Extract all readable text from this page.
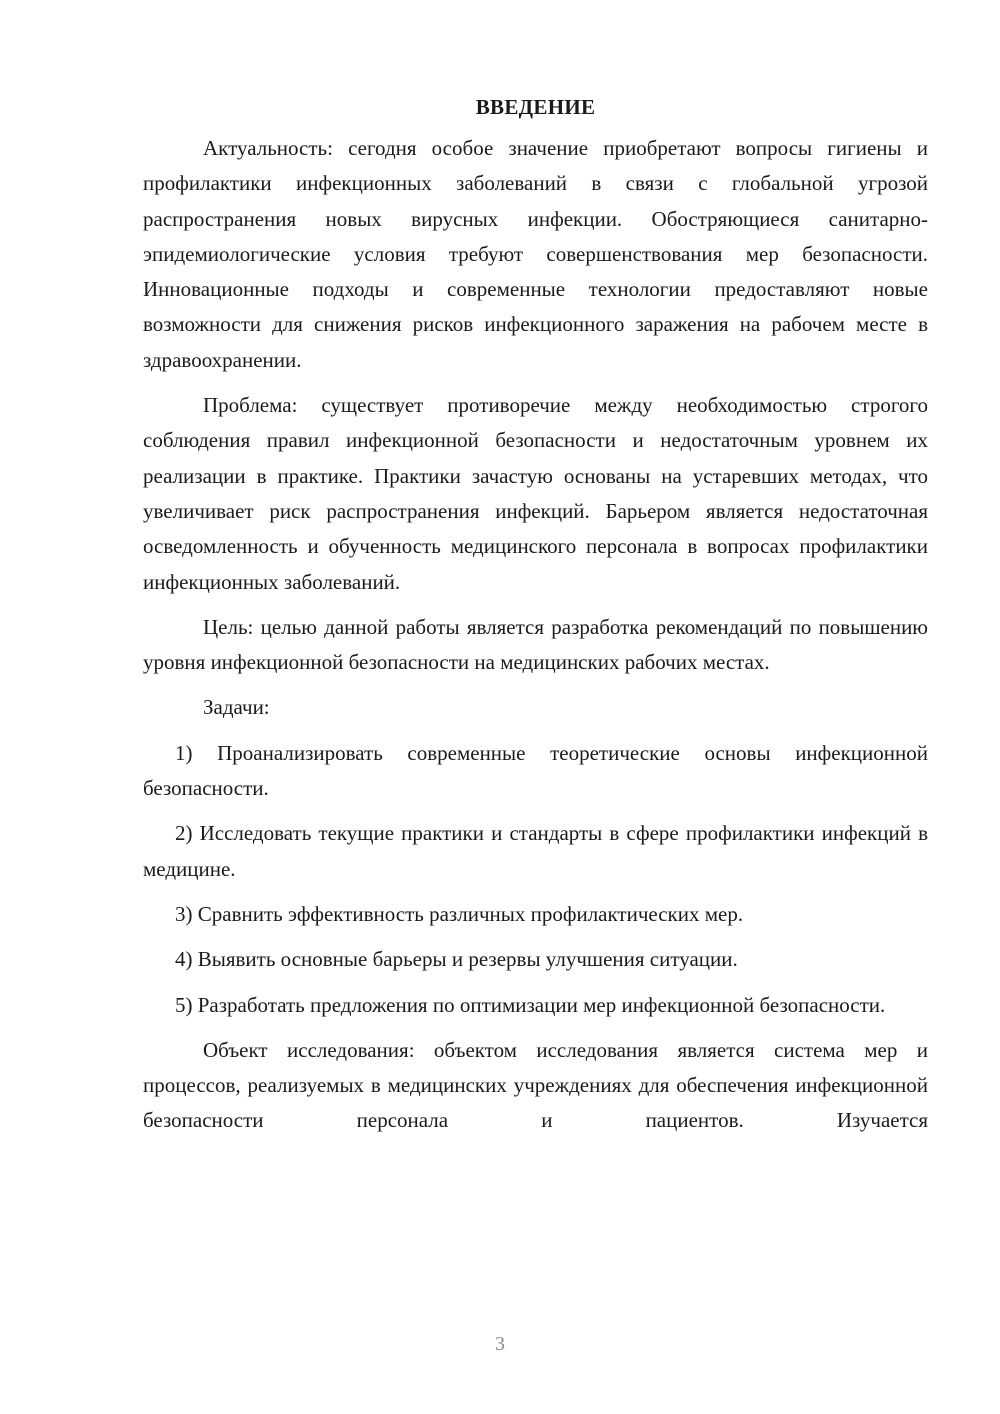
ВВЕДЕНИЕ

Актуальность: сегодня особое значение приобретают вопросы гигиены и профилактики инфекционных заболеваний в связи с глобальной угрозой распространения новых вирусных инфекции. Обостряющиеся санитарно-эпидемиологические условия требуют совершенствования мер безопасности. Инновационные подходы и современные технологии предоставляют новые возможности для снижения рисков инфекционного заражения на рабочем месте в здравоохранении.

Проблема: существует противоречие между необходимостью строгого соблюдения правил инфекционной безопасности и недостаточным уровнем их реализации в практике. Практики зачастую основаны на устаревших методах, что увеличивает риск распространения инфекций. Барьером является недостаточная осведомленность и обученность медицинского персонала в вопросах профилактики инфекционных заболеваний.

Цель: целью данной работы является разработка рекомендаций по повышению уровня инфекционной безопасности на медицинских рабочих местах.

Задачи:

1) Проанализировать современные теоретические основы инфекционной безопасности.

2) Исследовать текущие практики и стандарты в сфере профилактики инфекций в медицине.

3) Сравнить эффективность различных профилактических мер.

4) Выявить основные барьеры и резервы улучшения ситуации.

5) Разработать предложения по оптимизации мер инфекционной безопасности.

Объект исследования: объектом исследования является система мер и процессов, реализуемых в медицинских учреждениях для обеспечения инфекционной безопасности персонала и пациентов. Изучается

3
